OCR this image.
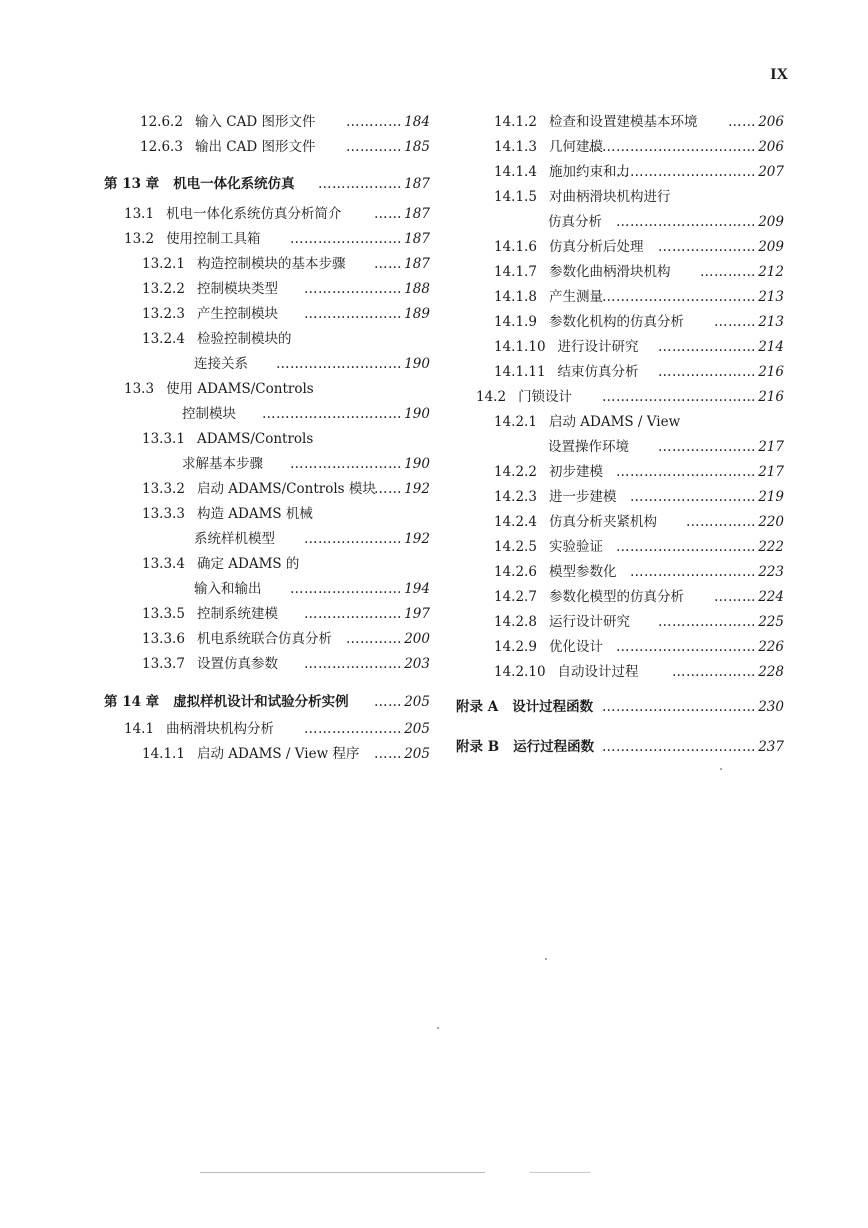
IX
12.6.2 输入 CAD 图形文件 ………… 184
12.6.3 输出 CAD 图形文件 ………… 185
第 13 章 机电一体化系统仿真 ……………… 187
13.1 机电一体化系统仿真分析简介 …… 187
13.2 使用控制工具箱 …………………… 187
13.2.1 构造控制模块的基本步骤 …… 187
13.2.2 控制模块类型 ………………… 188
13.2.3 产生控制模块 ………………… 189
13.2.4 检验控制模块的
连接关系 ……………………… 190
13.3 使用 ADAMS/Controls
控制模块 ………………………… 190
13.3.1 ADAMS/Controls
求解基本步骤 …………………… 190
13.3.2 启动 ADAMS/Controls 模块
…… 192
13.3.3 构造 ADAMS 机械
系统样机模型 ………………… 192
13.3.4 确定 ADAMS 的
输入和输出 …………………… 194
13.3.5 控制系统建模 ………………… 197
13.3.6 机电系统联合仿真分析 ………… 200
13.3.7 设置仿真参数 ………………… 203
第 14 章 虚拟样机设计和试验分析实例 …… 205
14.1 曲柄滑块机构分析 ………………… 205
14.1.1 启动 ADAMS / View 程序 …… 205
14.1.2 检查和设置建模基本环境 …… 206
14.1.3 几何建模
……………………………… 206
14.1.4 施加约束和力
………………………… 207
14.1.5 对曲柄滑块机构进行
仿真分析 ………………………… 209
14.1.6 仿真分析后处理 ………………… 209
14.1.7 参数化曲柄滑块机构 ………… 212
14.1.8 产生测量 …………………………… 213
14.1.9 参数化机构的仿真分析 ……… 213
14.1.10 进行设计研究 ………………… 214
14.1.11 结束仿真分析 ………………… 216
14.2 门锁设计 …………………………… 216
14.2.1 启动 ADAMS / View
设置操作环境 ………………… 217
14.2.2 初步建模 ………………………… 217
14.2.3 进一步建模 ……………………… 219
14.2.4 仿真分析夹紧机构 …………… 220
14.2.5 实验验证 ………………………… 222
14.2.6 模型参数化 ……………………… 223
14.2.7 参数化模型的仿真分析 ……… 224
14.2.8 运行设计研究 ………………… 225
14.2.9 优化设计 ………………………… 226
14.2.10 自动设计过程 ……………… 228
附录 A 设计过程函数 …………………………… 230
附录 B 运行过程函数 …………………………… 237
